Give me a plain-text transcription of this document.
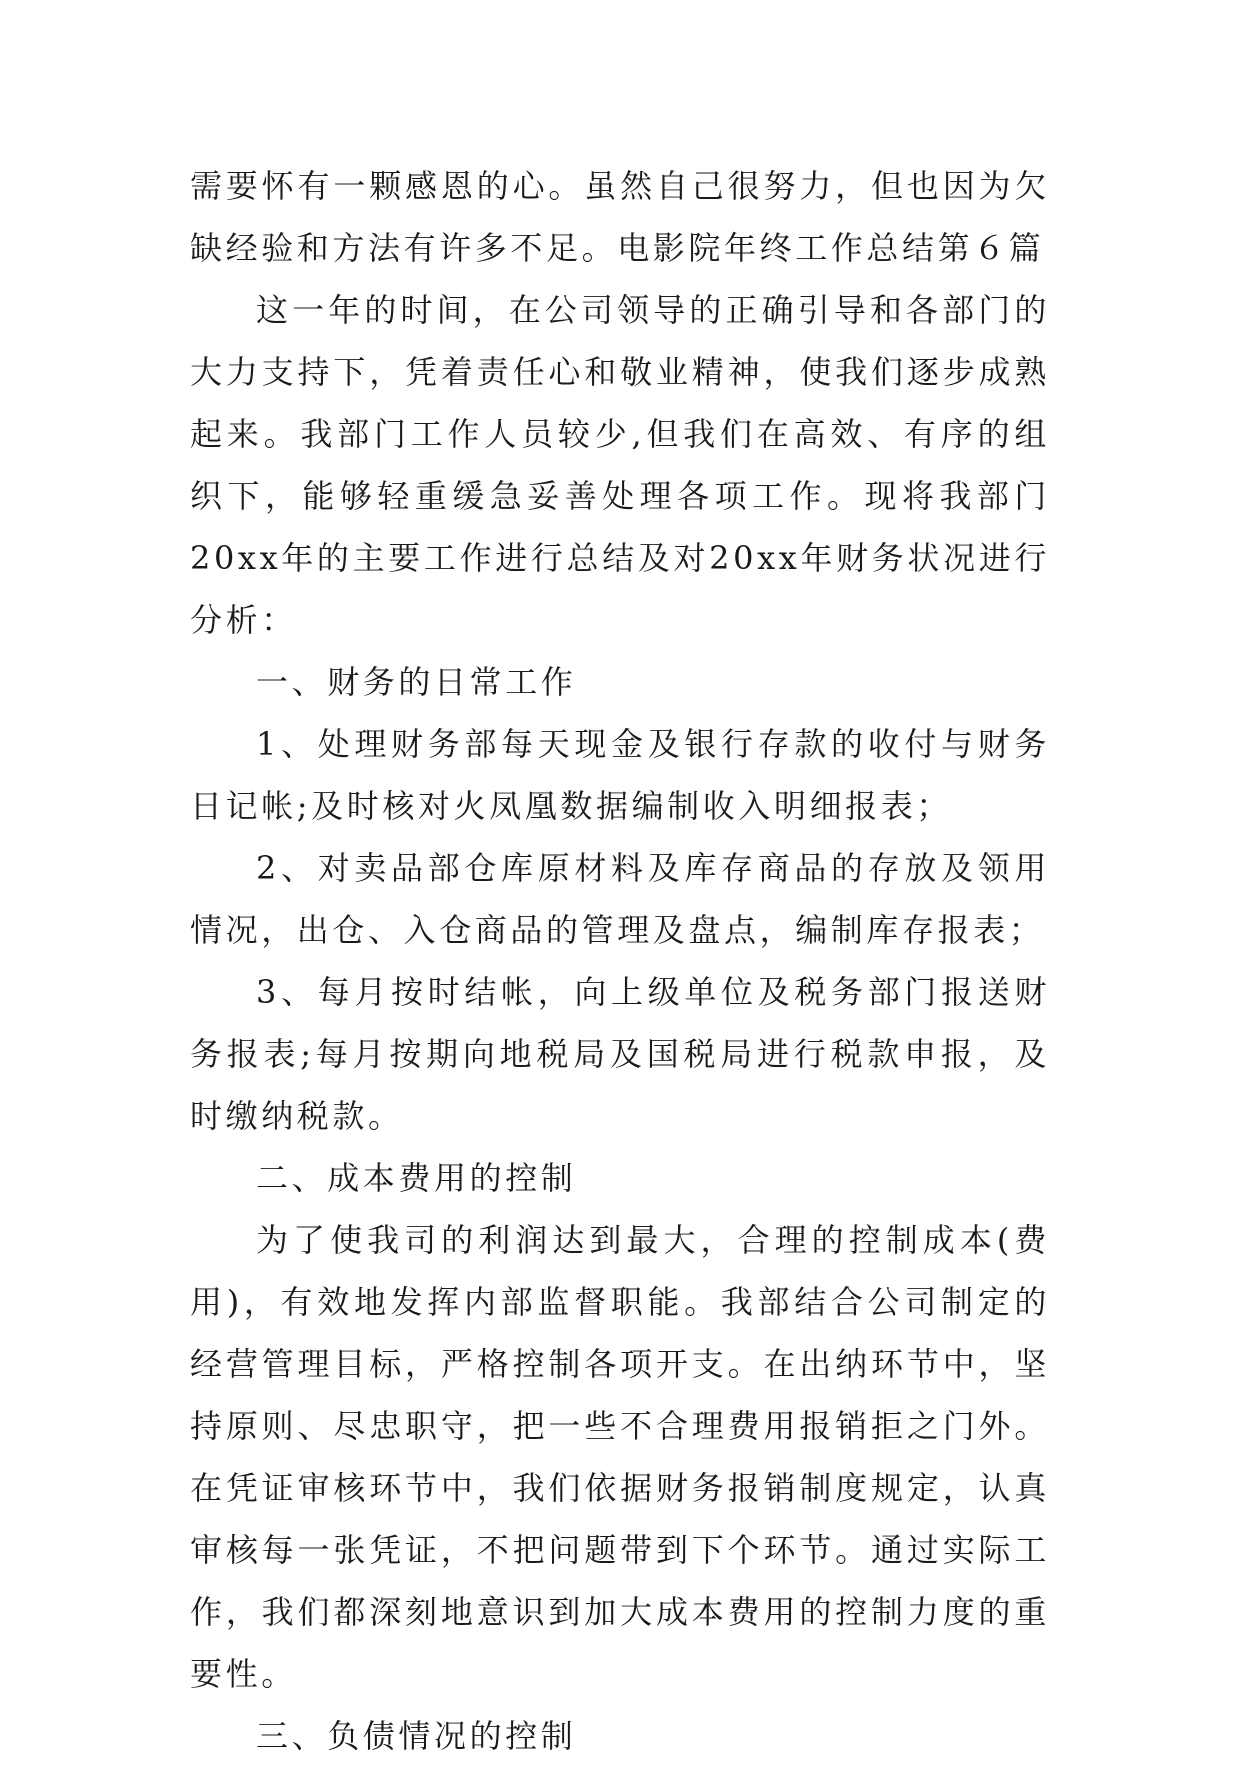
需要怀有一颗感恩的心。虽然自己很努力，但也因为欠缺经验和方法有许多不足。电影院年终工作总结第６篇

这一年的时间，在公司领导的正确引导和各部门的大力支持下，凭着责任心和敬业精神，使我们逐步成熟起来。我部门工作人员较少,但我们在高效、有序的组织下，能够轻重缓急妥善处理各项工作。现将我部门20xx年的主要工作进行总结及对20xx年财务状况进行分析：

一、财务的日常工作

1、处理财务部每天现金及银行存款的收付与财务日记帐;及时核对火凤凰数据编制收入明细报表；

2、对卖品部仓库原材料及库存商品的存放及领用情况，出仓、入仓商品的管理及盘点，编制库存报表；

3、每月按时结帐，向上级单位及税务部门报送财务报表;每月按期向地税局及国税局进行税款申报，及时缴纳税款。

二、成本费用的控制

为了使我司的利润达到最大，合理的控制成本(费用)，有效地发挥内部监督职能。我部结合公司制定的经营管理目标，严格控制各项开支。在出纳环节中，坚持原则、尽忠职守，把一些不合理费用报销拒之门外。在凭证审核环节中，我们依据财务报销制度规定，认真审核每一张凭证，不把问题带到下个环节。通过实际工作，我们都深刻地意识到加大成本费用的控制力度的重要性。

三、负债情况的控制
